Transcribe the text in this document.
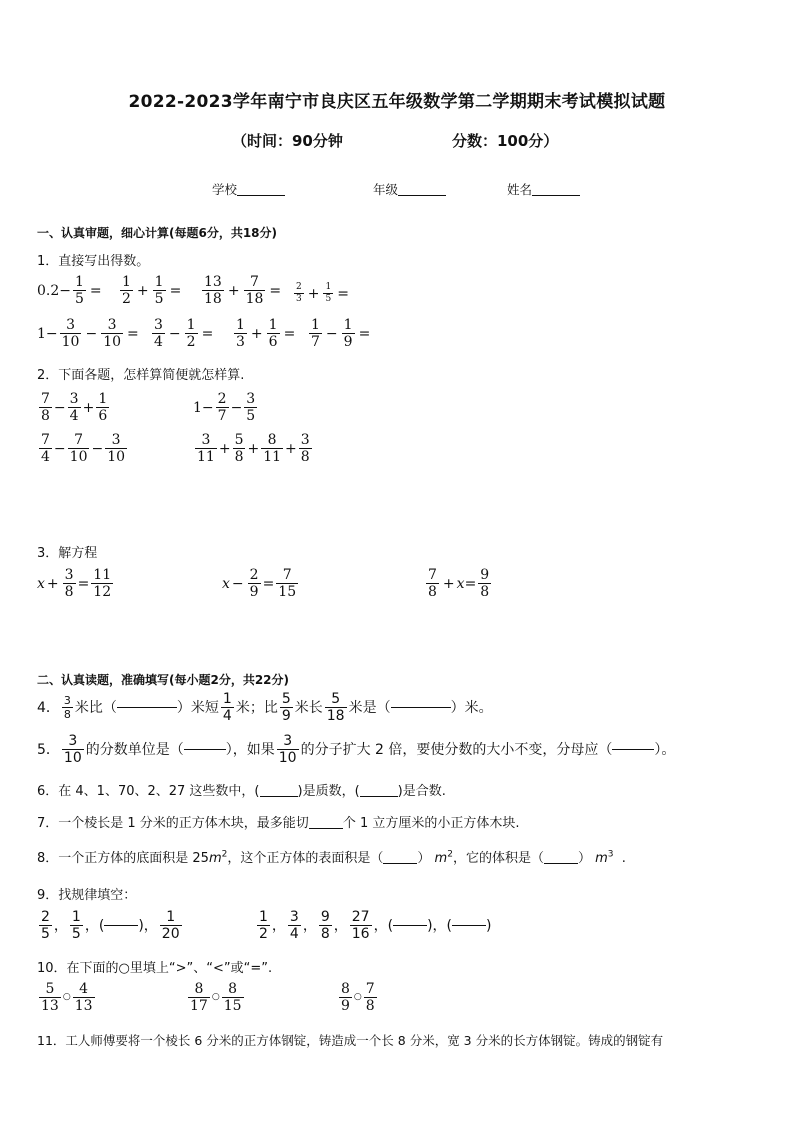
2022-2023学年南宁市良庆区五年级数学第二学期期末考试模拟试题
（时间：90分钟	分数：100分）
学校	年级	姓名
一、认真审题，细心计算(每题6分，共18分)
1．直接写出得数。
$0.2- \frac{1}{5} = \frac{1}{2} + \frac{1}{5} = \frac{13}{18} + \frac{7}{18} = \frac{2}{3} + \frac{1}{5}$ =
$1- \frac{3}{10} - \frac{3}{10} = \frac{3}{4} - \frac{1}{2} = \frac{1}{3} + \frac{1}{6} = \frac{1}{7} - \frac{1}{9}$ =
2．下面各题，怎样算简便就怎样算.
$\frac{7}{8} - \frac{3}{4} + \frac{1}{6}$	$1- \frac{2}{7} - \frac{3}{5}$
$\frac{7}{4} - \frac{7}{10} - \frac{3}{10}$	$\frac{3}{11} + \frac{5}{8} + \frac{8}{11} + \frac{3}{8}$
3．解方程
$x + \frac{3}{8} = \frac{11}{12}$	$x - \frac{2}{9} = \frac{7}{15}$	$\frac{7}{8} + x = \frac{9}{8}$
二、认真读题，准确填写(每小题2分，共22分)
4． $\frac{3}{8}$ 米比（	）米短 $\frac{1}{4}$ 米；比 $\frac{5}{9}$ 米长 $\frac{5}{18}$ 米是（	）米。
5． $\frac{3}{10}$ 的分数单位是（	），如果 $\frac{3}{10}$ 的分子扩大 2 倍，要使分数的大小不变，分母应（	）。
6．在 4、1、70、2、27 这些数中，(	)是质数，(	)是合数.
7．一个棱长是 1 分米的正方体木块，最多能切	个 1 立方厘米的小正方体木块.
8．一个正方体的底面积是 $25m^2$，这个正方体的表面积是（	） $m^2$，它的体积是（	） $m^3$ .
9．找规律填空：
$\frac{2}{5}$ ， $\frac{1}{5}$ ，( )， $\frac{1}{20}$	$\frac{1}{2}$ ， $\frac{3}{4}$ ， $\frac{9}{8}$ ， $\frac{27}{16}$ ，( )，( )
10．在下面的○里填上“>”、“<”或“=”.
$\frac{5}{13}$ ○ $\frac{4}{13}$	$\frac{8}{17}$ ○ $\frac{8}{15}$	$\frac{8}{9}$ ○ $\frac{7}{8}$
11．工人师傅要将一个棱长 6 分米的正方体钢锭，铸造成一个长 8 分米，宽 3 分米的长方体钢锭。铸成的钢锭有
